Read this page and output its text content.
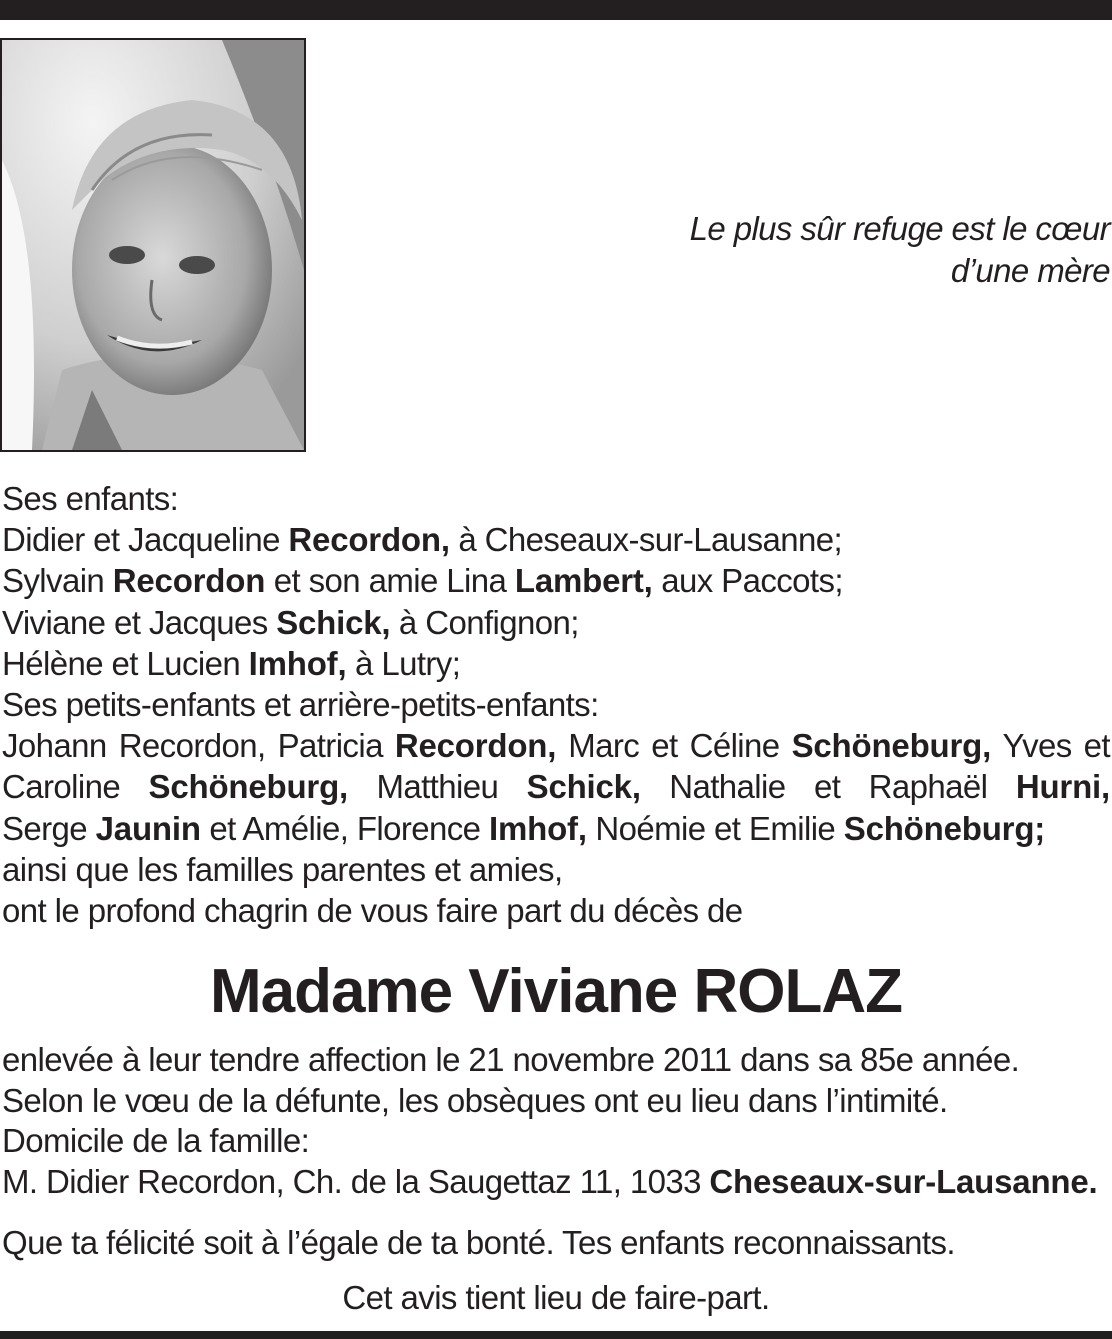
Le plus sûr refuge est le cœur
d’une mère
Ses enfants:
Didier et Jacqueline Recordon, à Cheseaux-sur-Lausanne;
Sylvain Recordon et son amie Lina Lambert, aux Paccots;
Viviane et Jacques Schick, à Confignon;
Hélène et Lucien Imhof, à Lutry;
Ses petits-enfants et arrière-petits-enfants:
Johann Recordon, Patricia Recordon, Marc et Céline Schöneburg, Yves et Caroline Schöneburg, Matthieu Schick, Nathalie et Raphaël Hurni,
Serge Jaunin et Amélie, Florence Imhof, Noémie et Emilie Schöneburg;
ainsi que les familles parentes et amies,
ont le profond chagrin de vous faire part du décès de
Madame Viviane ROLAZ
enlevée à leur tendre affection le 21 novembre 2011 dans sa 85e année.
Selon le vœu de la défunte, les obsèques ont eu lieu dans l’intimité.
Domicile de la famille:
M. Didier Recordon, Ch. de la Saugettaz 11, 1033 Cheseaux-sur-Lausanne.
Que ta félicité soit à l’égale de ta bonté. Tes enfants reconnaissants.
Cet avis tient lieu de faire-part.
